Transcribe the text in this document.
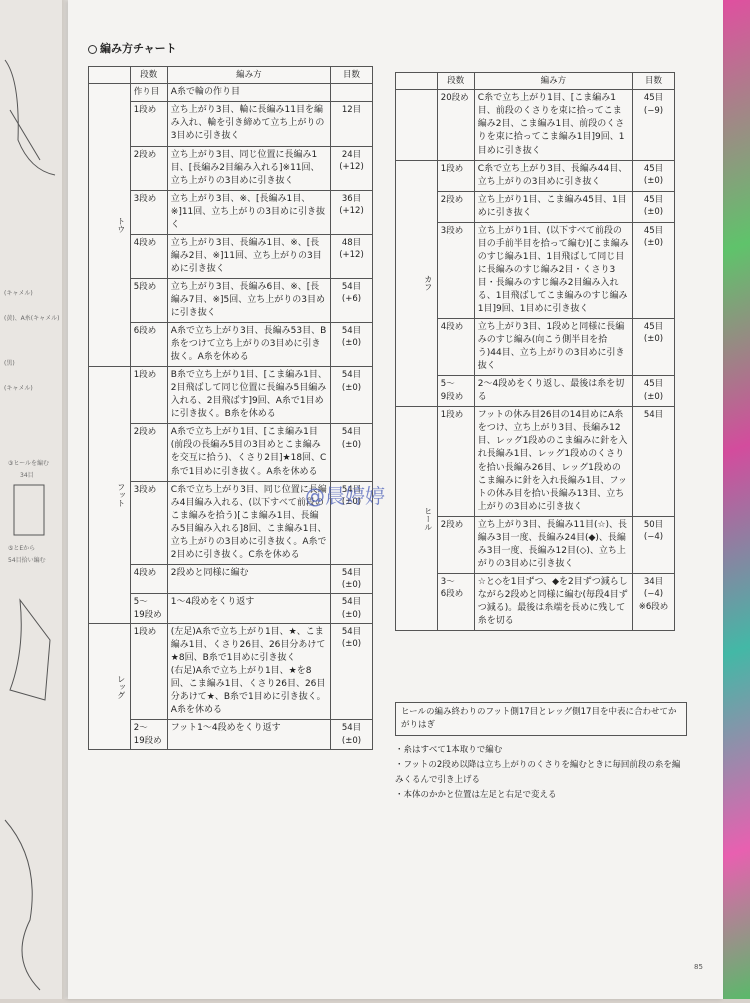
(キャメル)
(黄)、A糸(キャメル)
(黒)
(キャメル)
③ヒールを編む
34目
⑤とEから
54目拾い編む
編み方チャート
	段数	編み方	目数
トウ	作り目	A糸で輪の作り目	
	1段め	立ち上がり3目、輪に長編み11目を編み入れ、輪を引き締めて立ち上がりの3目めに引き抜く	12目
	2段め	立ち上がり3目、同じ位置に長編み1目、[長編み2目編み入れる]※11回、立ち上がりの3目めに引き抜く	24目
(+12)
	3段め	立ち上がり3目、※、[長編み1目、※]11回、立ち上がりの3目めに引き抜く	36目
(+12)
	4段め	立ち上がり3目、長編み1目、※、[長編み2目、※]11回、立ち上がりの3目めに引き抜く	48目
(+12)
	5段め	立ち上がり3目、長編み6目、※、[長編み7目、※]5回、立ち上がりの3目めに引き抜く	54目
(+6)
	6段め	A糸で立ち上がり3目、長編み53目、B糸をつけて立ち上がりの3目めに引き抜く。A糸を休める	54目
(±0)
フット	1段め	B糸で立ち上がり1目、[こま編み1目、2目飛ばして同じ位置に長編み5目編み入れる、2目飛ばす]9回、A糸で1目めに引き抜く。B糸を休める	54目
(±0)
	2段め	A糸で立ち上がり1目、[こま編み1目(前段の長編み5目の3目めとこま編みを交互に拾う)、くさり2目]★18回、C糸で1目めに引き抜く。A糸を休める	54目
(±0)
	3段め	C糸で立ち上がり3目、同じ位置に長編み4目編み入れる、(以下すべて前段のこま編みを拾う)[こま編み1目、長編み5目編み入れる]8回、こま編み1目、立ち上がりの3目めに引き抜く。A糸で2目めに引き抜く。C糸を休める	54目
(±0)
	4段め	2段めと同様に編む	54目
(±0)
	5〜
19段め	1〜4段めをくり返す	54目
(±0)
レッグ	1段め	(左足)A糸で立ち上がり1目、★、こま編み1目、くさり26目、26目分あけて★8回、B糸で1目めに引き抜く
(右足)A糸で立ち上がり1目、★を8回、こま編み1目、くさり26目、26目分あけて★、B糸で1目めに引き抜く。A糸を休める	54目
(±0)
	2〜
19段め	フット1〜4段めをくり返す	54目
(±0)
	段数	編み方	目数
	20段め	C糸で立ち上がり1目、[こま編み1目、前段のくさりを束に拾ってこま編み2目、こま編み1目、前段のくさりを束に拾ってこま編み1目]9回、1目めに引き抜く	45目
(−9)
カフ	1段め	C糸で立ち上がり3目、長編み44目、立ち上がりの3目めに引き抜く	45目
(±0)
	2段め	立ち上がり1目、こま編み45目、1目めに引き抜く	45目
(±0)
	3段め	立ち上がり1目、(以下すべて前段の目の手前半目を拾って編む)[こま編みのすじ編み1目、1目飛ばして同じ目に長編みのすじ編み2目・くさり3目・長編みのすじ編み2目編み入れる、1目飛ばしてこま編みのすじ編み1目]9回、1目めに引き抜く	45目
(±0)
	4段め	立ち上がり3目、1段めと同様に長編みのすじ編み(向こう側半目を拾う)44目、立ち上がりの3目めに引き抜く	45目
(±0)
	5〜
9段め	2〜4段めをくり返し、最後は糸を切る	45目
(±0)
ヒール	1段め	フットの休み目26目の14目めにA糸をつけ、立ち上がり3目、長編み12目、レッグ1段めのこま編みに針を入れ長編み1目、レッグ1段めのくさりを拾い長編み26目、レッグ1段めのこま編みに針を入れ長編み1目、フットの休み目を拾い長編み13目、立ち上がりの3目めに引き抜く	54目
	2段め	立ち上がり3目、長編み11目(☆)、長編み3目一度、長編み24目(◆)、長編み3目一度、長編み12目(◇)、立ち上がりの3目めに引き抜く	50目
(−4)
	3〜
6段め	☆と◇を1目ずつ、◆を2目ずつ減らしながら2段めと同様に編む(毎段4目ずつ減る)。最後は糸端を長めに残して糸を切る	34目
(−4)
※6段め
ヒールの編み終わりのフット側17目とレッグ側17目を中表に合わせてかがりはぎ
・糸はすべて1本取りで編む
・フットの2段め以降は立ち上がりのくさりを編むときに毎回前段の糸を編みくるんで引き上げる
・本体のかかと位置は左足と右足で変える
@晨婷婷
85
